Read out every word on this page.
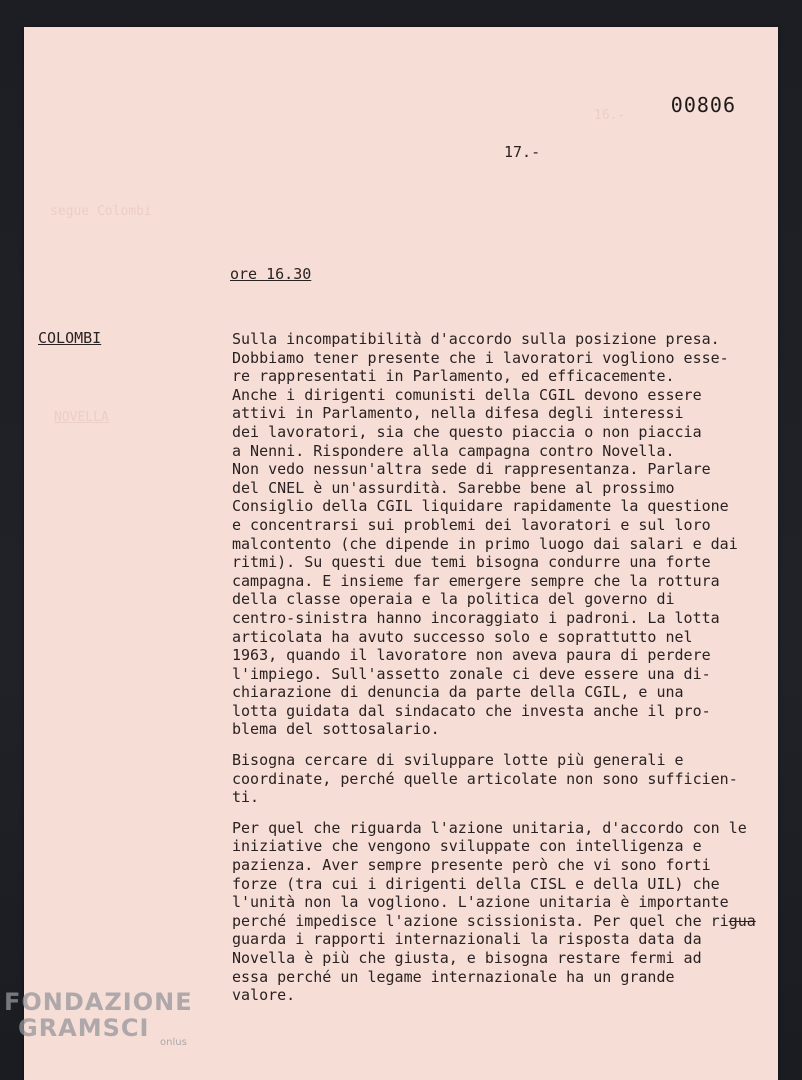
16.-
segue Colombi
NOVELLA
00806
17.-
ore 16.30
COLOMBI	Sulla incompatibilità d'accordo sulla posizione presa.
Dobbiamo tener presente che i lavoratori vogliono esse-
re rappresentati in Parlamento, ed efficacemente.
Anche i dirigenti comunisti della CGIL devono essere
attivi in Parlamento, nella difesa degli interessi
dei lavoratori, sia che questo piaccia o non piaccia
a Nenni. Rispondere alla campagna contro Novella.
Non vedo nessun'altra sede di rappresentanza. Parlare
del CNEL è un'assurdità. Sarebbe bene al prossimo
Consiglio della CGIL liquidare rapidamente la questione
e concentrarsi sui problemi dei lavoratori e sul loro
malcontento (che dipende in primo luogo dai salari e dai
ritmi). Su questi due temi bisogna condurre una forte
campagna. E insieme far emergere sempre che la rottura
della classe operaia e la politica del governo di
centro-sinistra hanno incoraggiato i padroni. La lotta
articolata ha avuto successo solo e soprattutto nel
1963, quando il lavoratore non aveva paura di perdere
l'impiego. Sull'assetto zonale ci deve essere una di-
chiarazione di denuncia da parte della CGIL, e una
lotta guidata dal sindacato che investa anche il pro-
blema del sottosalario.
Bisogna cercare di sviluppare lotte più generali e
coordinate, perché quelle articolate non sono sufficien-
ti.
Per quel che riguarda l'azione unitaria, d'accordo con le
iniziative che vengono sviluppate con intelligenza e
pazienza. Aver sempre presente però che vi sono forti
forze (tra cui i dirigenti della CISL e della UIL) che
l'unità non la vogliono. L'azione unitaria è importante
perché impedisce l'azione scissionista. Per quel che rigua
guarda i rapporti internazionali la risposta data da
Novella è più che giusta, e bisogna restare fermi ad
essa perché un legame internazionale ha un grande
valore.
FONDAZIONE
GRAMSCI
onlus
